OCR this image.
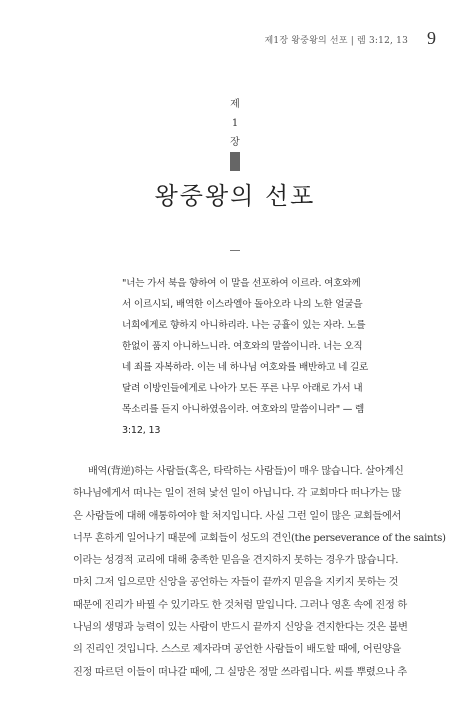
제1장 왕중왕의 선포 | 렘 3:12, 13 9
제
1
장
왕중왕의 선포
"너는 가서 북을 향하여 이 말을 선포하여 이르라. 여호와께
서 이르시되, 배역한 이스라엘아 돌아오라 나의 노한 얼굴을
너희에게로 향하지 아니하리라. 나는 긍휼이 있는 자라. 노를
한없이 품지 아니하느니라. 여호와의 말씀이니라. 너는 오직
네 죄를 자복하라. 이는 네 하나님 여호와를 배반하고 네 길로
달려 이방인들에게로 나아가 모든 푸른 나무 아래로 가서 내
목소리를 듣지 아니하였음이라. 여호와의 말씀이니라" — 렘
3:12, 13
배역(背逆)하는 사람들(혹은, 타락하는 사람들)이 매우 많습니다. 살아계신
하나님에게서 떠나는 일이 전혀 낯선 일이 아닙니다. 각 교회마다 떠나가는 많
은 사람들에 대해 애통하여야 할 처지입니다. 사실 그런 일이 많은 교회들에서
너무 흔하게 일어나기 때문에 교회들이 성도의 견인(the perseverance of the saints)
이라는 성경적 교리에 대해 충족한 믿음을 견지하지 못하는 경우가 많습니다.
마치 그저 입으로만 신앙을 공언하는 자들이 끝까지 믿음을 지키지 못하는 것
때문에 진리가 바뀔 수 있기라도 한 것처럼 말입니다. 그러나 영혼 속에 진정 하
나님의 생명과 능력이 있는 사람이 반드시 끝까지 신앙을 견지한다는 것은 불변
의 진리인 것입니다. 스스로 제자라며 공언한 사람들이 배도할 때에, 어린양을
진정 따르던 이들이 떠나갈 때에, 그 실망은 정말 쓰라립니다. 씨를 뿌렸으나 추
